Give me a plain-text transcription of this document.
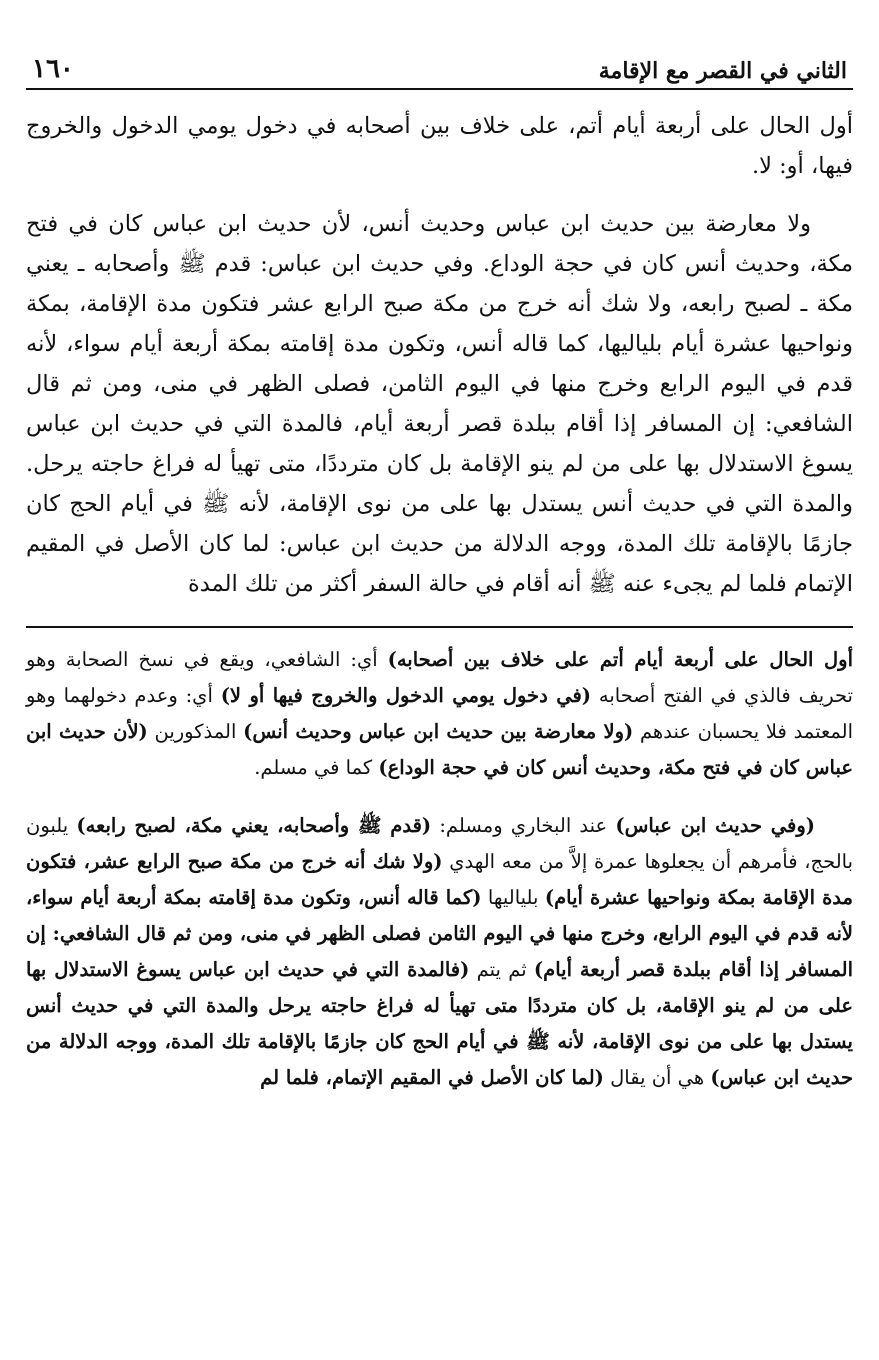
الثاني في القصر مع الإقامة
١٦٠

أول الحال على أربعة أيام أتم، على خلاف بين أصحابه في دخول يومي الدخول والخروج فيها، أو: لا.

ولا معارضة بين حديث ابن عباس وحديث أنس، لأن حديث ابن عباس كان في فتح مكة، وحديث أنس كان في حجة الوداع. وفي حديث ابن عباس: قدم ﷺ وأصحابه ـ يعني مكة ـ لصبح رابعه، ولا شك أنه خرج من مكة صبح الرابع عشر فتكون مدة الإقامة، بمكة ونواحيها عشرة أيام بلياليها، كما قاله أنس، وتكون مدة إقامته بمكة أربعة أيام سواء، لأنه قدم في اليوم الرابع وخرج منها في اليوم الثامن، فصلى الظهر في منى، ومن ثم قال الشافعي: إن المسافر إذا أقام ببلدة قصر أربعة أيام، فالمدة التي في حديث ابن عباس يسوغ الاستدلال بها على من لم ينو الإقامة بل كان مترددًا، متى تهيأ له فراغ حاجته يرحل. والمدة التي في حديث أنس يستدل بها على من نوى الإقامة، لأنه ﷺ في أيام الحج كان جازمًا بالإقامة تلك المدة، ووجه الدلالة من حديث ابن عباس: لما كان الأصل في المقيم الإتمام فلما لم يجىء عنه ﷺ أنه أقام في حالة السفر أكثر من تلك المدة

أول الحال على أربعة أيام أتم على خلاف بين أصحابه) أي: الشافعي، ويقع في نسخ الصحابة وهو تحريف فالذي في الفتح أصحابه (في دخول يومي الدخول والخروج فيها أو لا) أي: وعدم دخولهما وهو المعتمد فلا يحسبان عندهم (ولا معارضة بين حديث ابن عباس وحديث أنس) المذكورين (لأن حديث ابن عباس كان في فتح مكة، وحديث أنس كان في حجة الوداع) كما في مسلم.

(وفي حديث ابن عباس) عند البخاري ومسلم: (قدم ﷺ وأصحابه، يعني مكة، لصبح رابعه) يلبون بالحج، فأمرهم أن يجعلوها عمرة إلاَّ من معه الهدي (ولا شك أنه خرج من مكة صبح الرابع عشر، فتكون مدة الإقامة بمكة ونواحيها عشرة أيام) بلياليها (كما قاله أنس، وتكون مدة إقامته بمكة أربعة أيام سواء، لأنه قدم في اليوم الرابع، وخرج منها في اليوم الثامن فصلى الظهر في منى، ومن ثم قال الشافعي: إن المسافر إذا أقام ببلدة قصر أربعة أيام) ثم يتم (فالمدة التي في حديث ابن عباس يسوغ الاستدلال بها على من لم ينو الإقامة، بل كان مترددًا متى تهيأ له فراغ حاجته يرحل والمدة التي في حديث أنس يستدل بها على من نوى الإقامة، لأنه ﷺ في أيام الحج كان جازمًا بالإقامة تلك المدة، ووجه الدلالة من حديث ابن عباس) هي أن يقال (لما كان الأصل في المقيم الإتمام، فلما لم
